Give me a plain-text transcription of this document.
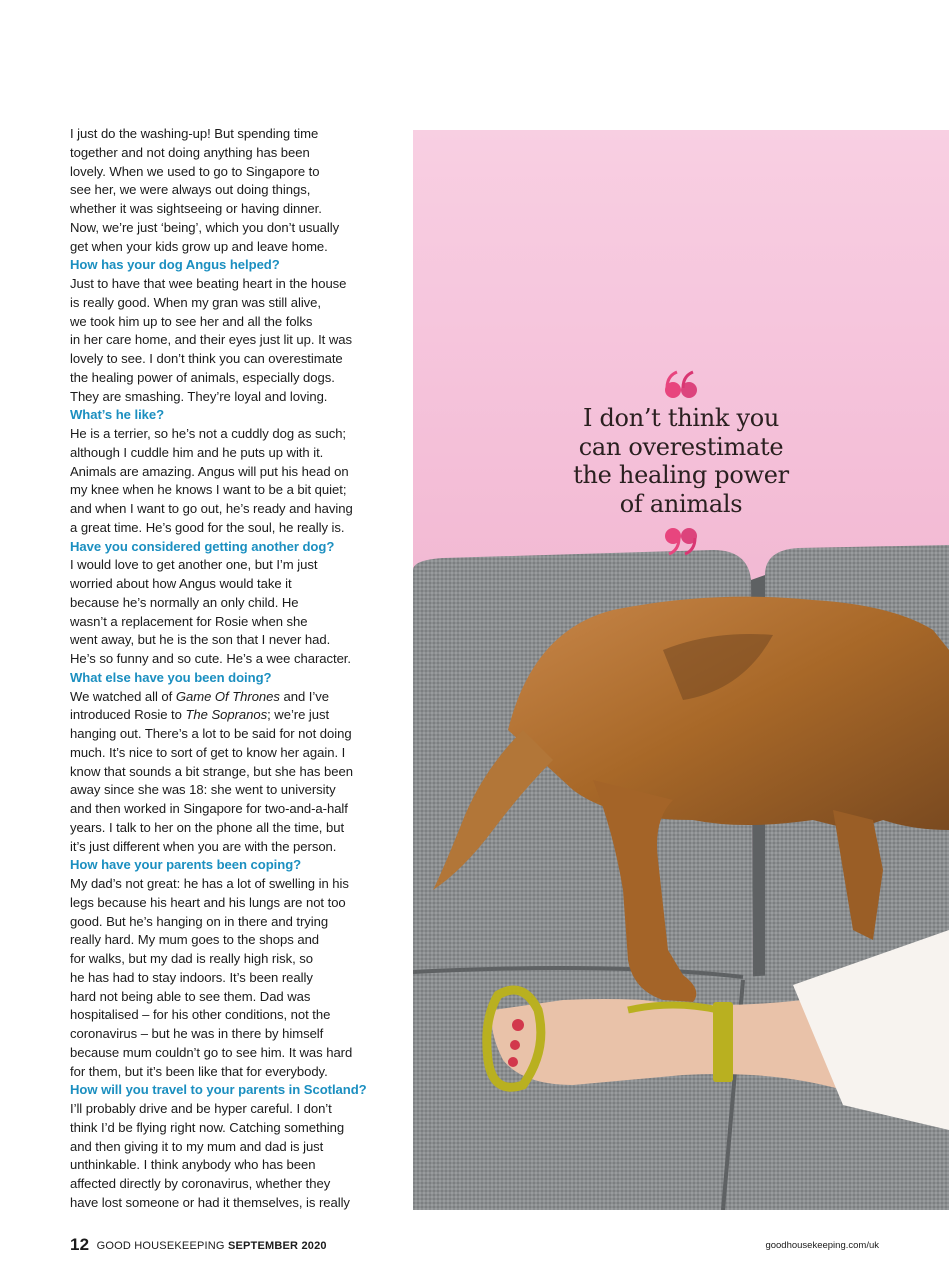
I just do the washing-up! But spending time
together and not doing anything has been
lovely. When we used to go to Singapore to
see her, we were always out doing things,
whether it was sightseeing or having dinner.
Now, we’re just ‘being’, which you don’t usually
get when your kids grow up and leave home.
How has your dog Angus helped?
Just to have that wee beating heart in the house
is really good. When my gran was still alive,
we took him up to see her and all the folks
in her care home, and their eyes just lit up. It was
lovely to see. I don’t think you can overestimate
the healing power of animals, especially dogs.
They are smashing. They’re loyal and loving.
What’s he like?
He is a terrier, so he’s not a cuddly dog as such;
although I cuddle him and he puts up with it.
Animals are amazing. Angus will put his head on
my knee when he knows I want to be a bit quiet;
and when I want to go out, he’s ready and having
a great time. He’s good for the soul, he really is.
Have you considered getting another dog?
I would love to get another one, but I’m just
worried about how Angus would take it
because he’s normally an only child. He
wasn’t a replacement for Rosie when she
went away, but he is the son that I never had.
He’s so funny and so cute. He’s a wee character.
What else have you been doing?
We watched all of Game Of Thrones and I’ve
introduced Rosie to The Sopranos; we’re just
hanging out. There’s a lot to be said for not doing
much. It’s nice to sort of get to know her again. I
know that sounds a bit strange, but she has been
away since she was 18: she went to university
and then worked in Singapore for two-and-a-half
years. I talk to her on the phone all the time, but
it’s just different when you are with the person.
How have your parents been coping?
My dad’s not great: he has a lot of swelling in his
legs because his heart and his lungs are not too
good. But he’s hanging on in there and trying
really hard. My mum goes to the shops and
for walks, but my dad is really high risk, so
he has had to stay indoors. It’s been really
hard not being able to see them. Dad was
hospitalised – for his other conditions, not the
coronavirus – but he was in there by himself
because mum couldn’t go to see him. It was hard
for them, but it’s been like that for everybody.
How will you travel to your parents in Scotland?
I’ll probably drive and be hyper careful. I don’t
think I’d be flying right now. Catching something
and then giving it to my mum and dad is just
unthinkable. I think anybody who has been
affected directly by coronavirus, whether they
have lost someone or had it themselves, is really
I don’t think you
can overestimate
the healing power
of animals
12 GOOD HOUSEKEEPING SEPTEMBER 2020	goodhousekeeping.com/uk
